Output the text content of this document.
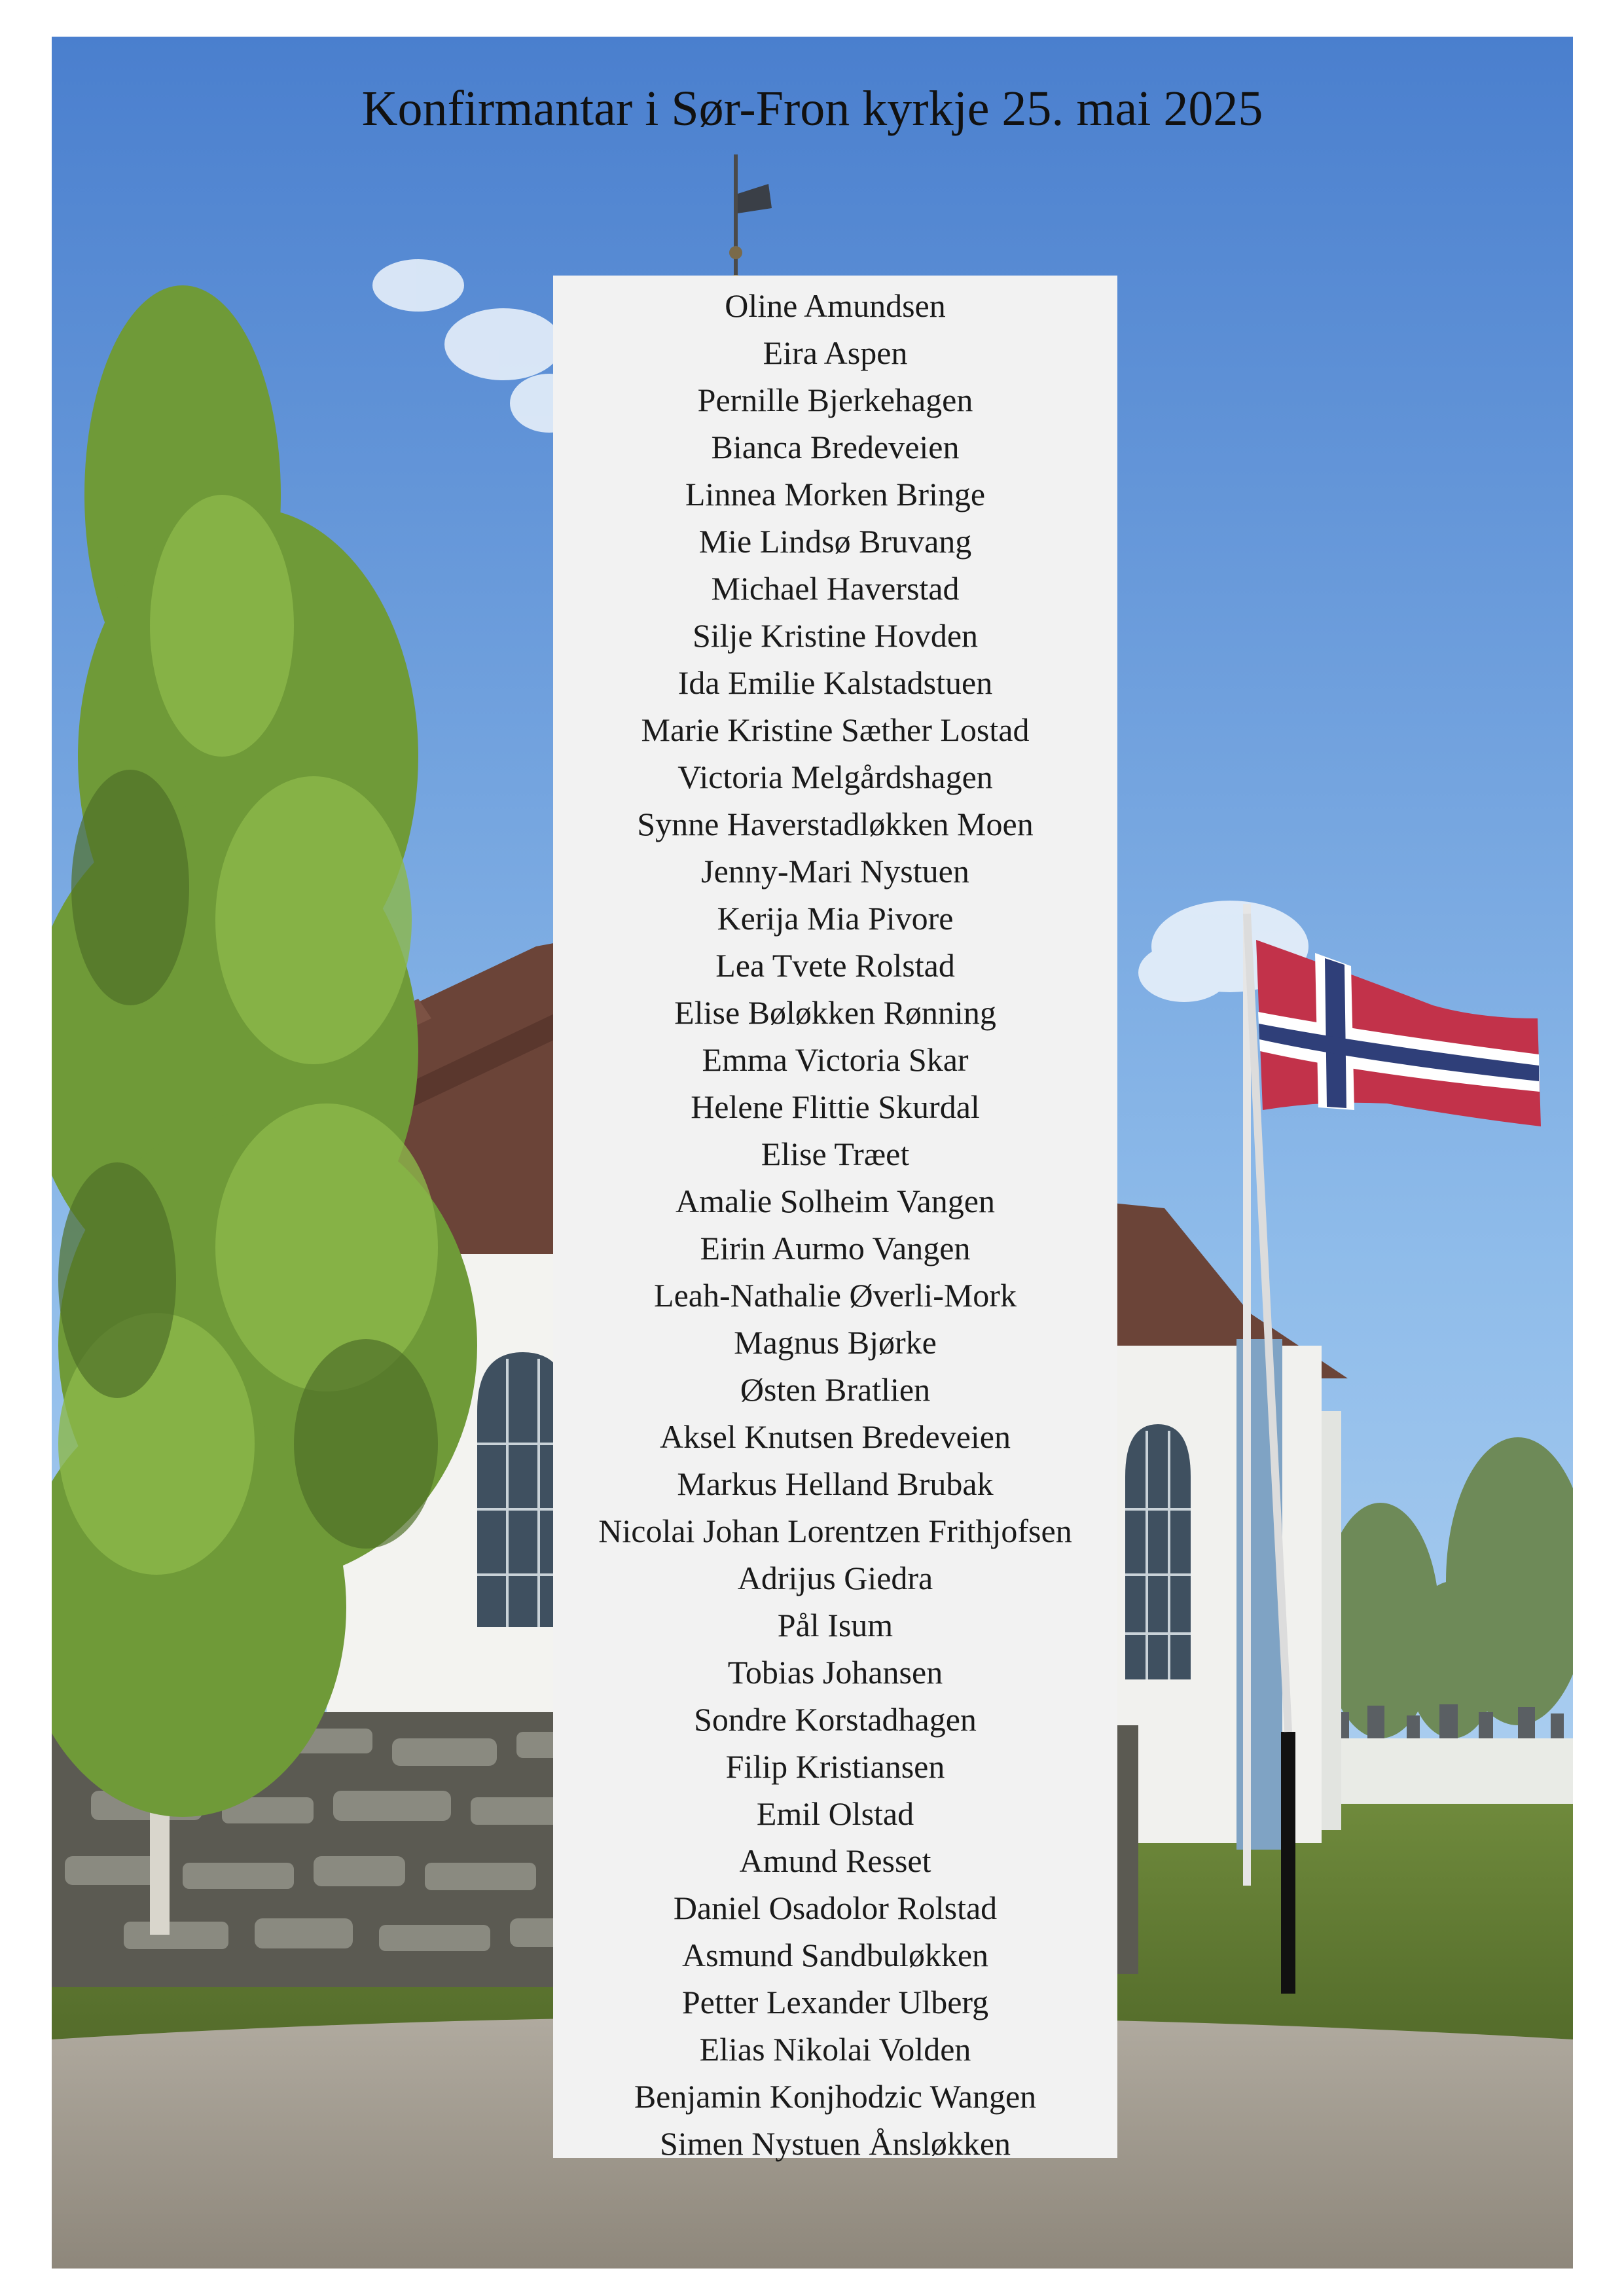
Konfirmantar i Sør-Fron kyrkje 25. mai 2025
Oline Amundsen
Eira Aspen
Pernille Bjerkehagen
Bianca Bredeveien
Linnea Morken Bringe
Mie Lindsø Bruvang
Michael Haverstad
Silje Kristine Hovden
Ida Emilie Kalstadstuen
Marie Kristine Sæther Lostad
Victoria Melgårdshagen
Synne Haverstadløkken Moen
Jenny-Mari Nystuen
Kerija Mia Pivore
Lea Tvete Rolstad
Elise Bøløkken Rønning
Emma Victoria Skar
Helene Flittie Skurdal
Elise Træet
Amalie Solheim Vangen
Eirin Aurmo Vangen
Leah-Nathalie Øverli-Mork
Magnus Bjørke
Østen Bratlien
Aksel Knutsen Bredeveien
Markus Helland Brubak
Nicolai Johan Lorentzen Frithjofsen
Adrijus Giedra
Pål Isum
Tobias Johansen
Sondre Korstadhagen
Filip Kristiansen
Emil Olstad
Amund Resset
Daniel Osadolor Rolstad
Asmund Sandbuløkken
Petter Lexander Ulberg
Elias Nikolai Volden
Benjamin Konjhodzic Wangen
Simen Nystuen Ånsløkken
